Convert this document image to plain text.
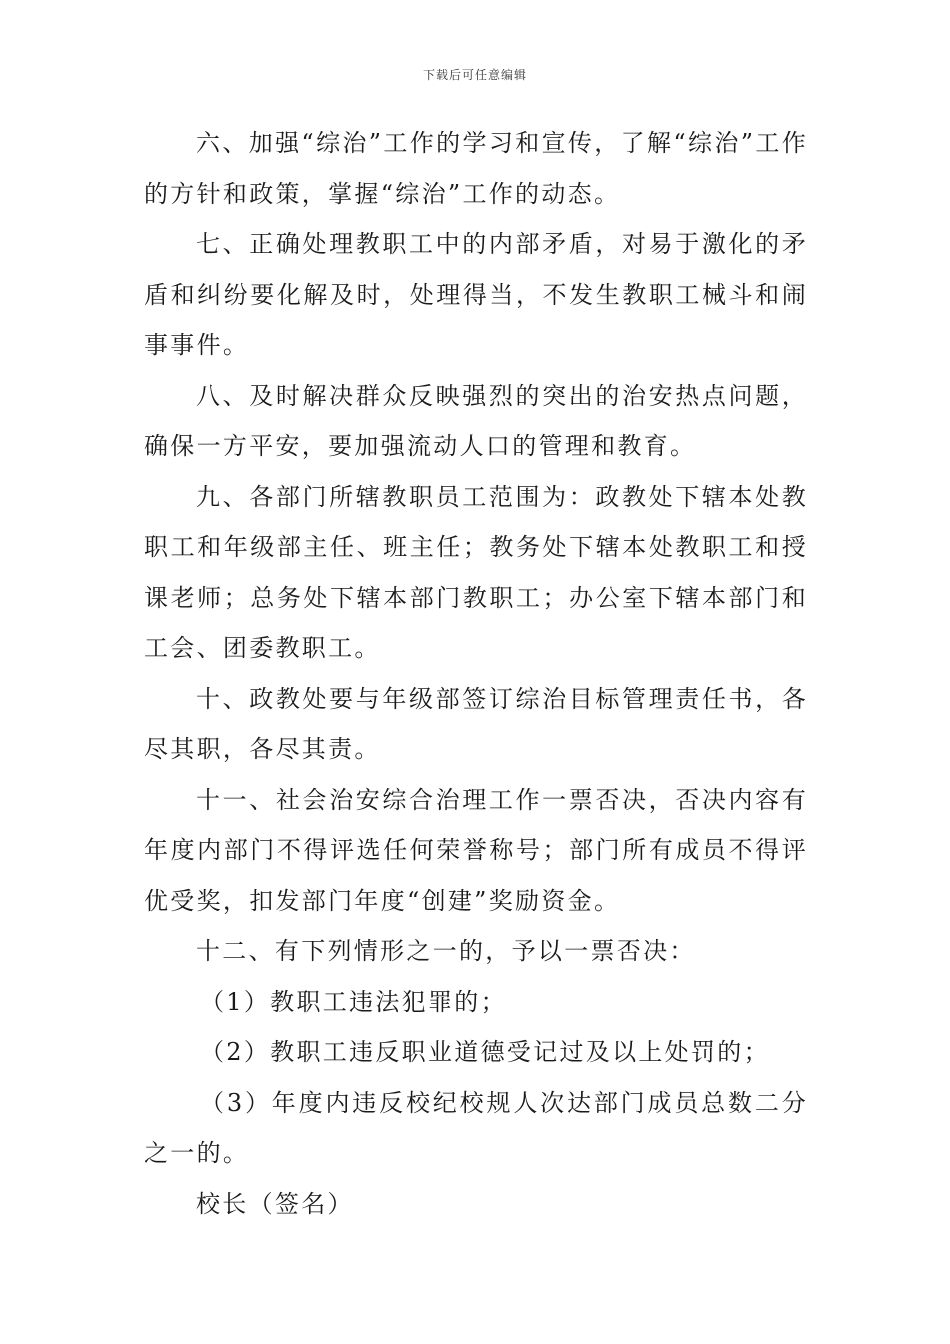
下载后可任意编辑

六、加强“综治”工作的学习和宣传，了解“综治”工作的方针和政策，掌握“综治”工作的动态。

七、正确处理教职工中的内部矛盾，对易于激化的矛盾和纠纷要化解及时，处理得当，不发生教职工械斗和闹事事件。

八、及时解决群众反映强烈的突出的治安热点问题，确保一方平安，要加强流动人口的管理和教育。

九、各部门所辖教职员工范围为：政教处下辖本处教职工和年级部主任、班主任；教务处下辖本处教职工和授课老师；总务处下辖本部门教职工；办公室下辖本部门和工会、团委教职工。

十、政教处要与年级部签订综治目标管理责任书，各尽其职，各尽其责。

十一、社会治安综合治理工作一票否决，否决内容有年度内部门不得评选任何荣誉称号；部门所有成员不得评优受奖，扣发部门年度“创建”奖励资金。

十二、有下列情形之一的，予以一票否决：

（1）教职工违法犯罪的；

（2）教职工违反职业道德受记过及以上处罚的；

（3）年度内违反校纪校规人次达部门成员总数二分之一的。

校长（签名）
